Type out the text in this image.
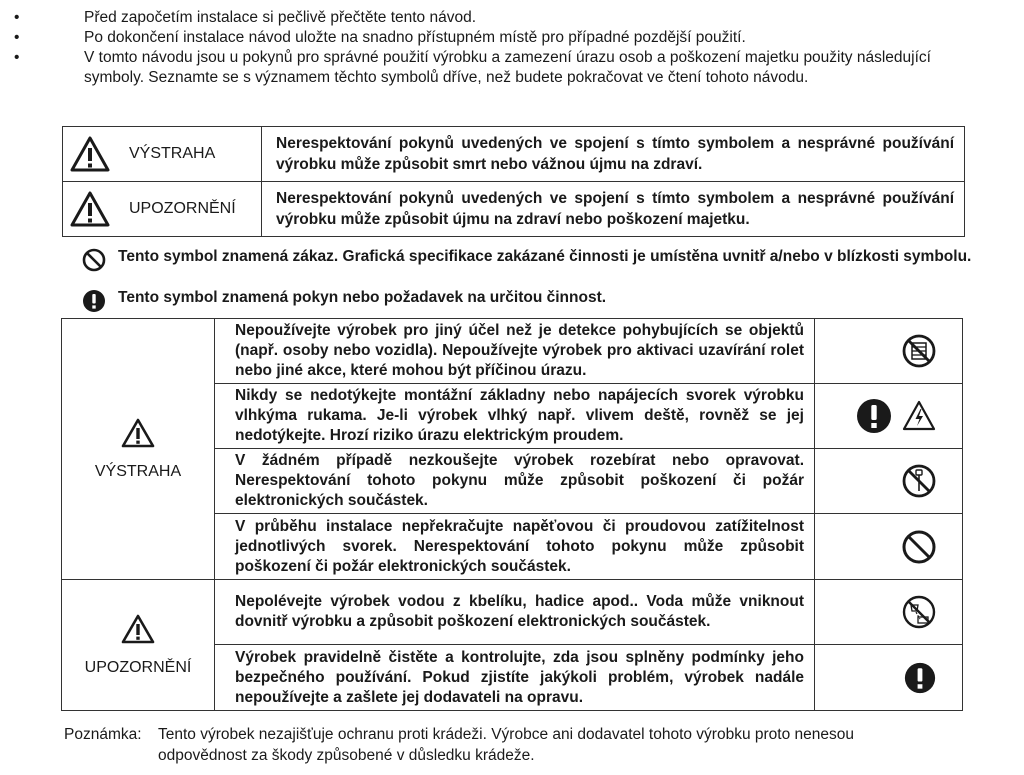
•	Před započetím instalace si pečlivě přečtěte tento návod.
•	Po dokončení instalace návod uložte na snadno přístupném místě pro případné pozdější použití.
•	V tomto návodu jsou u pokynů pro správné použití výrobku a zamezení úrazu osob a poškození majetku použity následující symboly. Seznamte se s významem těchto symbolů dříve, než budete pokračovat ve čtení tohoto návodu.
VÝSTRAHA	Nerespektování pokynů uvedených ve spojení s tímto symbolem a nesprávné používání výrobku může způsobit smrt nebo vážnou újmu na zdraví.

UPOZORNĚNÍ	Nerespektování pokynů uvedených ve spojení s tímto symbolem a nesprávné používání výrobku může způsobit újmu na zdraví nebo poškození majetku.
Tento symbol znamená zákaz. Grafická specifikace zakázané činnosti je umístěna uvnitř a/nebo v blízkosti symbolu.
Tento symbol znamená pokyn nebo požadavek na určitou činnost.
VÝSTRAHA	Nepoužívejte výrobek pro jiný účel než je detekce pohybujících se objektů (např. osoby nebo vozidla). Nepoužívejte výrobek pro aktivaci uzavírání rolet nebo jiné akce, které mohou být příčinou úrazu.	
	Nikdy se nedotýkejte montážní základny nebo napájecích svorek výrobku vlhkýma rukama. Je-li výrobek vlhký např. vlivem deště, rovněž se jej nedotýkejte. Hrozí riziko úrazu elektrickým proudem.	
	V žádném případě nezkoušejte výrobek rozebírat nebo opravovat. Nerespektování tohoto pokynu může způsobit poškození či požár elektronických součástek.	
	V průběhu instalace nepřekračujte napěťovou či proudovou zatížitelnost jednotlivých svorek. Nerespektování tohoto pokynu může způsobit poškození či požár elektronických součástek.	

UPOZORNĚNÍ	Nepolévejte výrobek vodou z kbelíku, hadice apod.. Voda může vniknout dovnitř výrobku a způsobit poškození elektronických součástek.	
	Výrobek pravidelně čistěte a kontrolujte, zda jsou splněny podmínky jeho bezpečného používání. Pokud zjistíte jakýkoli problém, výrobek nadále nepoužívejte a zašlete jej dodavateli na opravu.	
Poznámka: Tento výrobek nezajišťuje ochranu proti krádeži. Výrobce ani dodavatel tohoto výrobku proto nenesou odpovědnost za škody způsobené v důsledku krádeže.
